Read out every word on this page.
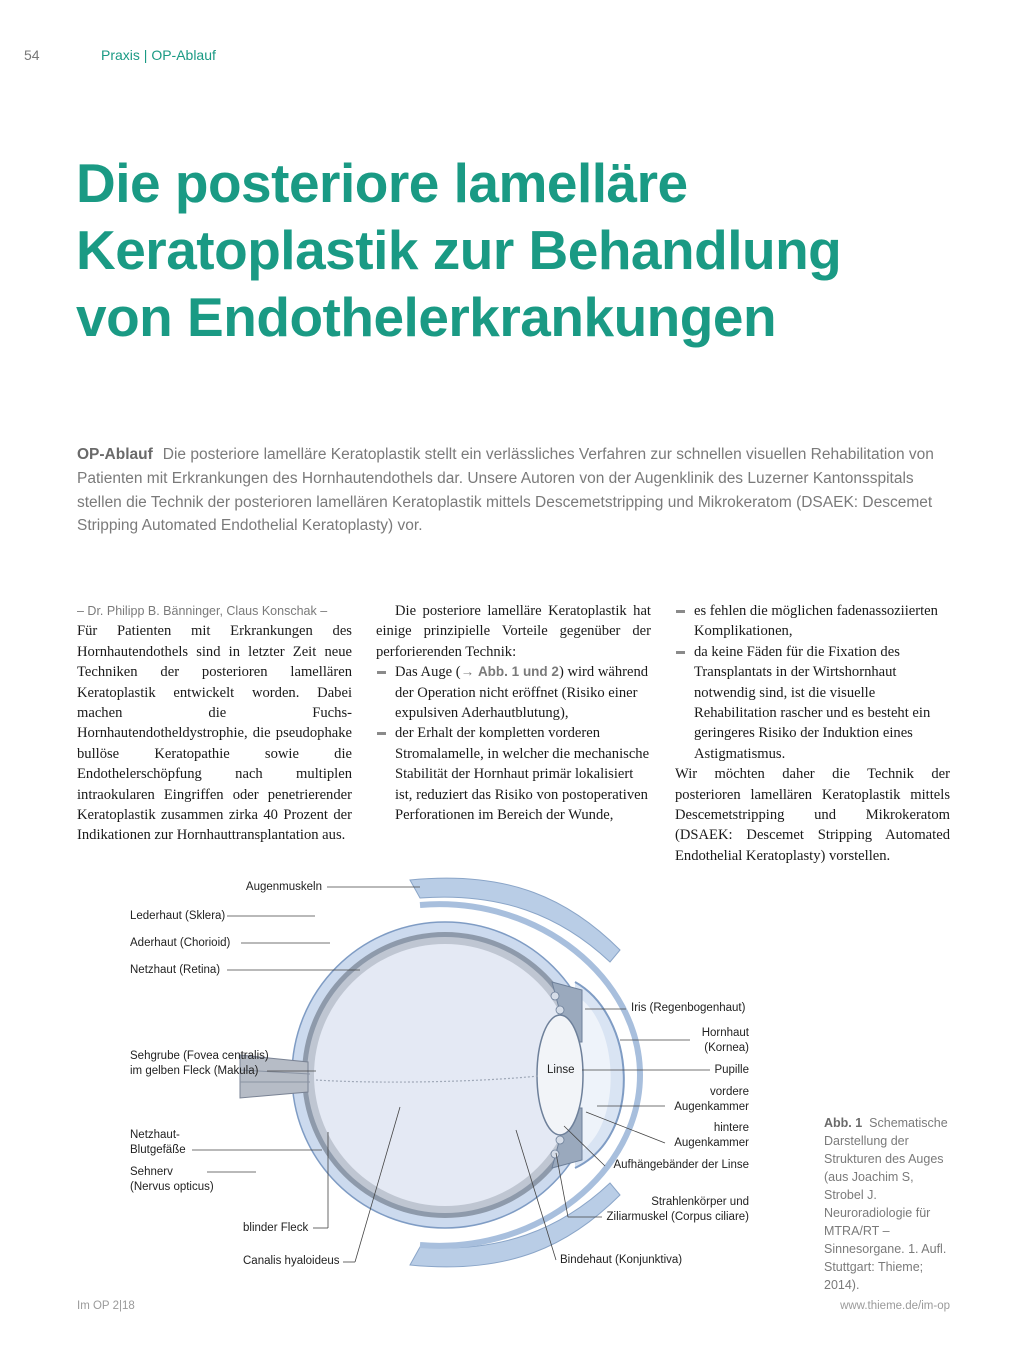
54	Praxis | OP-Ablauf
Die posteriore lamelläre Keratoplastik zur Behandlung von Endothelerkrankungen

OP-Ablauf Die posteriore lamelläre Keratoplastik stellt ein verlässliches Verfahren zur schnellen visuellen Rehabilitation von Patienten mit Erkrankungen des Hornhautendothels dar. Unsere Autoren von der Augenklinik des Luzerner Kantonsspitals stellen die Technik der posterioren lamellären Keratoplastik mittels Descemetstripping und Mikrokeratom (DSAEK: Descemet Stripping Automated Endothelial Keratoplasty) vor.

– Dr. Philipp B. Bänninger, Claus Konschak –

Für Patienten mit Erkrankungen des Hornhautendothels sind in letzter Zeit neue Techniken der posterioren lamellären Keratoplastik entwickelt worden. Dabei machen die Fuchs-Hornhautendotheldystrophie, die pseudophake bullöse Keratopathie sowie die Endothelerschöpfung nach multiplen intraokularen Eingriffen oder penetrierender Keratoplastik zusammen zirka 40 Prozent der Indikationen zur Hornhauttransplantation aus.

Die posteriore lamelläre Keratoplastik hat einige prinzipielle Vorteile gegenüber der perforierenden Technik:

Das Auge (→ Abb. 1 und 2) wird während der Operation nicht eröffnet (Risiko einer expulsiven Aderhautblutung),
der Erhalt der kompletten vorderen Stromalamelle, in welcher die mechanische Stabilität der Hornhaut primär lokalisiert ist, reduziert das Risiko von postoperativen Perforationen im Bereich der Wunde,
es fehlen die möglichen fadenassoziierten Komplikationen,
da keine Fäden für die Fixation des Transplantats in der Wirtshornhaut notwendig sind, ist die visuelle Rehabilitation rascher und es besteht ein geringeres Risiko der Induktion eines Astigmatismus.

Wir möchten daher die Technik der posterioren lamellären Keratoplastik mittels Descemetstripping und Mikrokeratom (DSAEK: Descemet Stripping Automated Endothelial Keratoplasty) vorstellen.

Augenmuskeln
Lederhaut (Sklera)
Aderhaut (Chorioid)
Netzhaut (Retina)
Sehgrube (Fovea centralis)
im gelben Fleck (Makula)
Netzhaut-
Blutgefäße
Sehnerv
(Nervus opticus)
blinder Fleck
Canalis hyaloideus
Iris (Regenbogenhaut)
Hornhaut
(Kornea)
Linse	Pupille
vordere
Augenkammer
hintere
Augenkammer
Aufhängebänder der Linse
Strahlenkörper und
Ziliarmuskel (Corpus ciliare)
Bindehaut (Konjunktiva)
Abb. 1 Schematische Darstellung der Strukturen des Auges (aus Joachim S, Strobel J. Neuroradiologie für MTRA/RT – Sinnesorgane. 1. Aufl. Stuttgart: Thieme; 2014).
Im OP 2|18	www.thieme.de/im-op
